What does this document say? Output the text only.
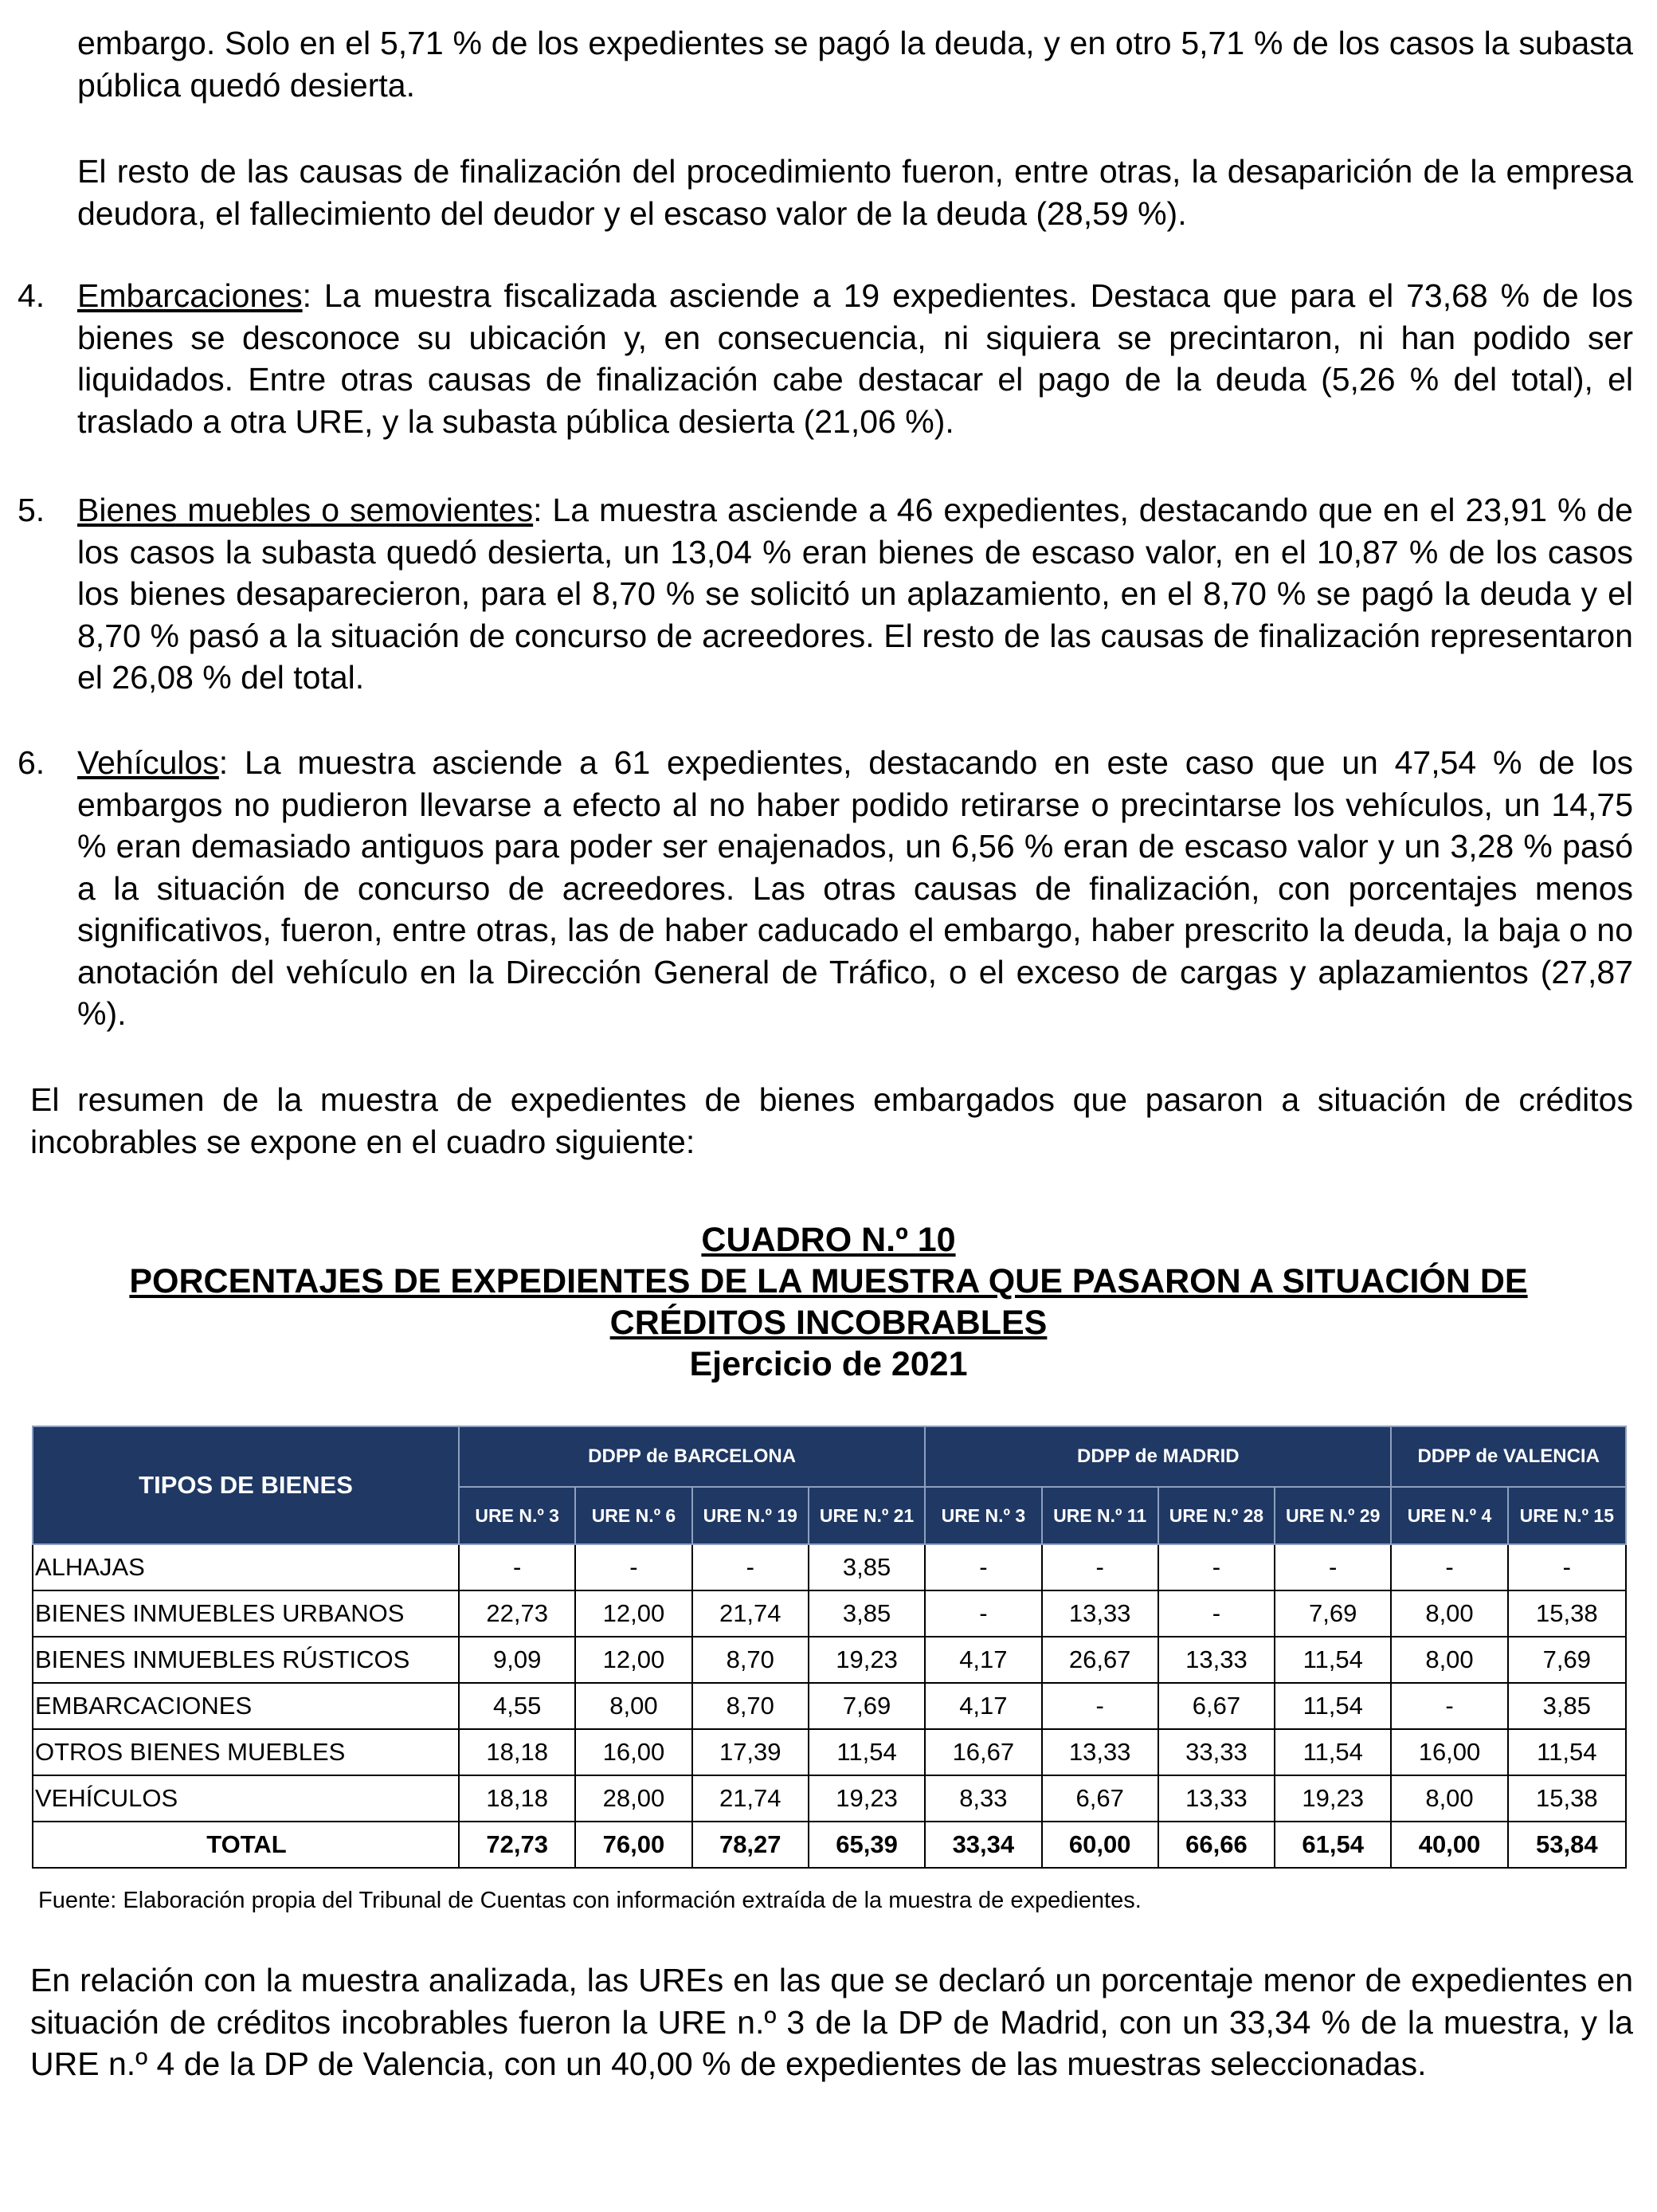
embargo. Solo en el 5,71 % de los expedientes se pagó la deuda, y en otro 5,71 % de los casos la subasta pública quedó desierta.

El resto de las causas de finalización del procedimiento fueron, entre otras, la desaparición de la empresa deudora, el fallecimiento del deudor y el escaso valor de la deuda (28,59 %).

4. Embarcaciones: La muestra fiscalizada asciende a 19 expedientes. Destaca que para el 73,68 % de los bienes se desconoce su ubicación y, en consecuencia, ni siquiera se precintaron, ni han podido ser liquidados. Entre otras causas de finalización cabe destacar el pago de la deuda (5,26 % del total), el traslado a otra URE, y la subasta pública desierta (21,06 %).
5. Bienes muebles o semovientes: La muestra asciende a 46 expedientes, destacando que en el 23,91 % de los casos la subasta quedó desierta, un 13,04 % eran bienes de escaso valor, en el 10,87 % de los casos los bienes desaparecieron, para el 8,70 % se solicitó un aplazamiento, en el 8,70 % se pagó la deuda y el 8,70 % pasó a la situación de concurso de acreedores. El resto de las causas de finalización representaron el 26,08 % del total.
6. Vehículos: La muestra asciende a 61 expedientes, destacando en este caso que un 47,54 % de los embargos no pudieron llevarse a efecto al no haber podido retirarse o precintarse los vehículos, un 14,75 % eran demasiado antiguos para poder ser enajenados, un 6,56 % eran de escaso valor y un 3,28 % pasó a la situación de concurso de acreedores. Las otras causas de finalización, con porcentajes menos significativos, fueron, entre otras, las de haber caducado el embargo, haber prescrito la deuda, la baja o no anotación del vehículo en la Dirección General de Tráfico, o el exceso de cargas y aplazamientos (27,87 %).

El resumen de la muestra de expedientes de bienes embargados que pasaron a situación de créditos incobrables se expone en el cuadro siguiente:

CUADRO N.º 10
PORCENTAJES DE EXPEDIENTES DE LA MUESTRA QUE PASARON A SITUACIÓN DE
CRÉDITOS INCOBRABLES
Ejercicio de 2021
TIPOS DE BIENES	DDPP de BARCELONA				DDPP de MADRID				DDPP de VALENCIA	
	URE N.º 3	URE N.º 6	URE N.º 19	URE N.º 21	URE N.º 3	URE N.º 11	URE N.º 28	URE N.º 29	URE N.º 4	URE N.º 15
ALHAJAS	-	-	-	3,85	-	-	-	-	-	-
BIENES INMUEBLES URBANOS	22,73	12,00	21,74	3,85	-	13,33	-	7,69	8,00	15,38
BIENES INMUEBLES RÚSTICOS	9,09	12,00	8,70	19,23	4,17	26,67	13,33	11,54	8,00	7,69
EMBARCACIONES	4,55	8,00	8,70	7,69	4,17	-	6,67	11,54	-	3,85
OTROS BIENES MUEBLES	18,18	16,00	17,39	11,54	16,67	13,33	33,33	11,54	16,00	11,54
VEHÍCULOS	18,18	28,00	21,74	19,23	8,33	6,67	13,33	19,23	8,00	15,38
TOTAL	72,73	76,00	78,27	65,39	33,34	60,00	66,66	61,54	40,00	53,84
Fuente: Elaboración propia del Tribunal de Cuentas con información extraída de la muestra de expedientes.

En relación con la muestra analizada, las UREs en las que se declaró un porcentaje menor de expedientes en situación de créditos incobrables fueron la URE n.º 3 de la DP de Madrid, con un 33,34 % de la muestra, y la URE n.º 4 de la DP de Valencia, con un 40,00 % de expedientes de las muestras seleccionadas.
